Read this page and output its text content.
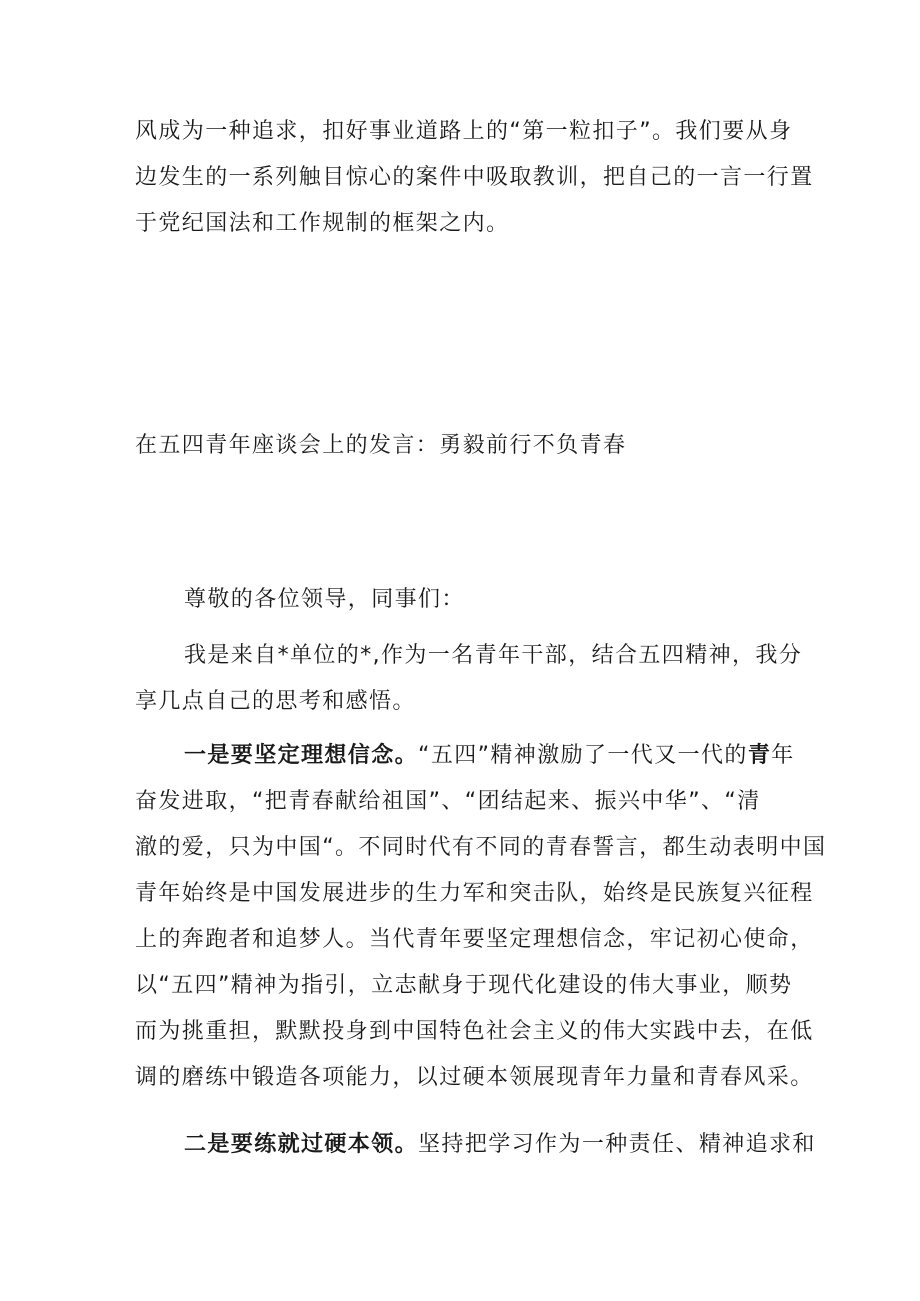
风成为一种追求，扣好事业道路上的“第一粒扣子”。我们要从身
边发生的一系列触目惊心的案件中吸取教训，把自己的一言一行置
于党纪国法和工作规制的框架之内。
在五四青年座谈会上的发言：勇毅前行不负青春
尊敬的各位领导，同事们：
我是来自*单位的*,作为一名青年干部，结合五四精神，我分
享几点自己的思考和感悟。
一是要坚定理想信念。“五四”精神激励了一代又一代的青年
奋发进取，“把青春献给祖国”、“团结起来、振兴中华”、“清
澈的爱，只为中国“。不同时代有不同的青春誓言，都生动表明中国
青年始终是中国发展进步的生力军和突击队，始终是民族复兴征程
上的奔跑者和追梦人。当代青年要坚定理想信念，牢记初心使命，
以“五四”精神为指引，立志献身于现代化建设的伟大事业，顺势
而为挑重担，默默投身到中国特色社会主义的伟大实践中去，在低
调的磨练中锻造各项能力，以过硬本领展现青年力量和青春风采。
二是要练就过硬本领。坚持把学习作为一种责任、精神追求和
